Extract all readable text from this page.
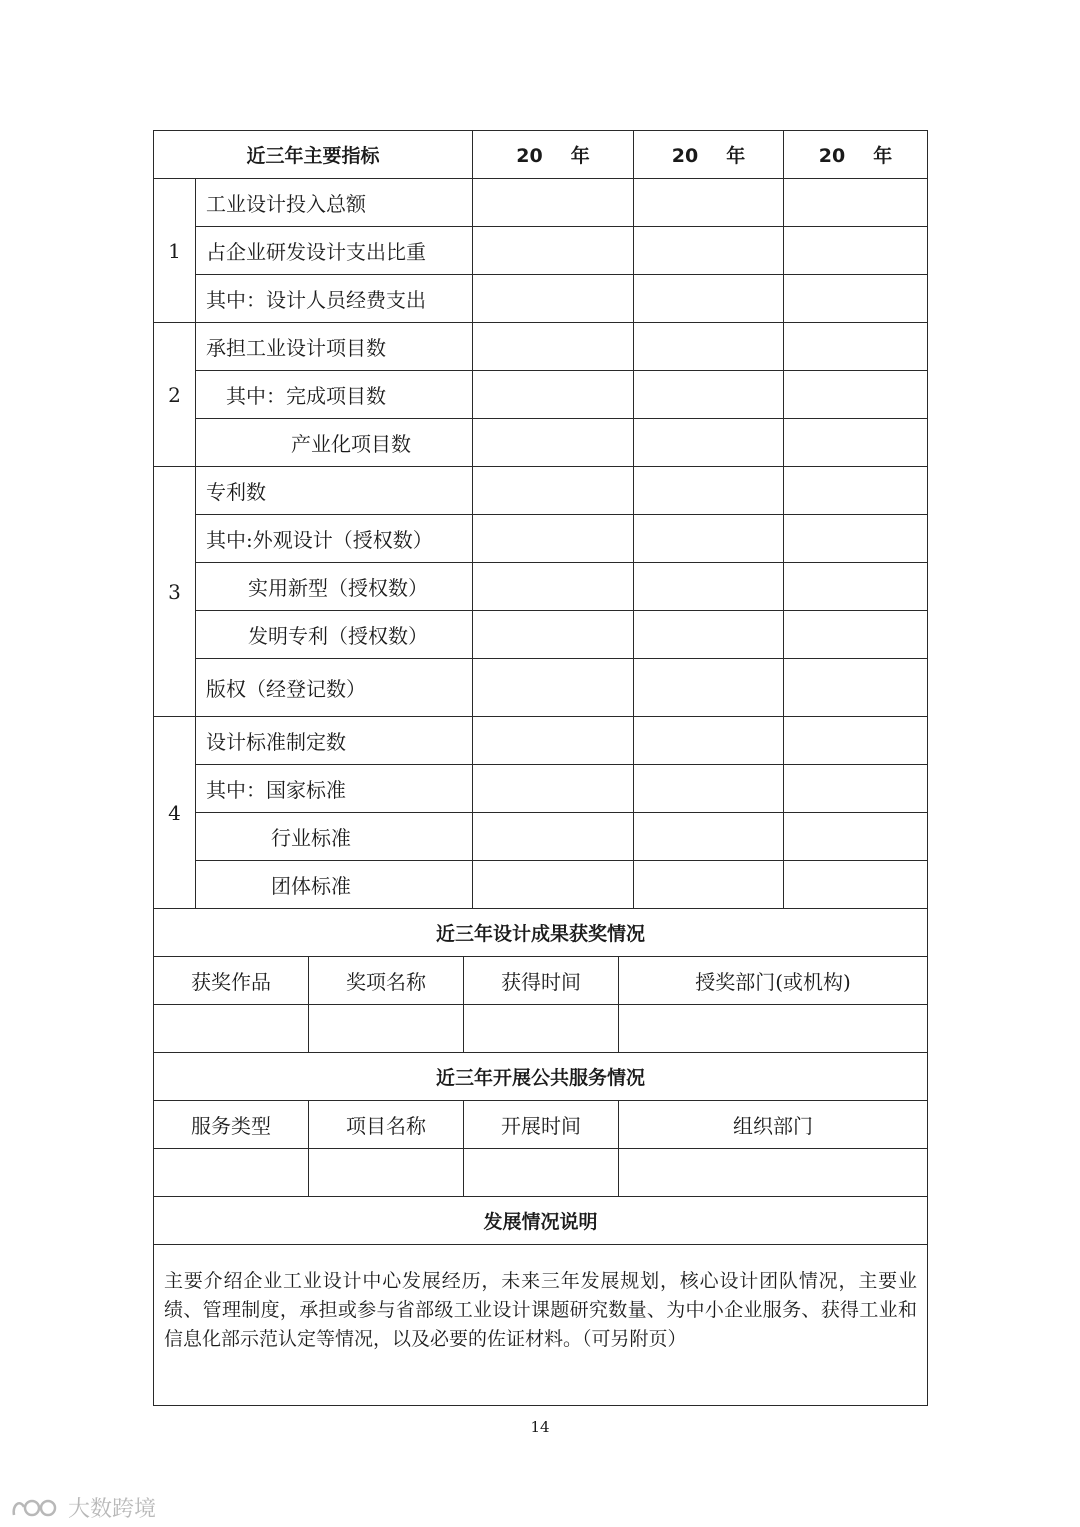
近三年主要指标		20 年	20 年	20 年
1	工业设计投入总额			
	占企业研发设计支出比重			
	其中：设计人员经费支出			
2	承担工业设计项目数			
	其中：完成项目数			
	产业化项目数			
3	专利数			
	其中:外观设计（授权数）			
	实用新型（授权数）			
	发明专利（授权数）			
	版权（经登记数）			
4	设计标准制定数			
	其中：国家标准			
	行业标准			
	团体标准			
近三年设计成果获奖情况			
获奖作品	奖项名称	获得时间	授奖部门(或机构)

近三年开展公共服务情况			
服务类型	项目名称	开展时间	组织部门

发展情况说明			
主要介绍企业工业设计中心发展经历，未来三年发展规划，核心设计团队情况，主要业绩、管理制度，承担或参与省部级工业设计课题研究数量、为中小企业服务、获得工业和信息化部示范认定等情况，以及必要的佐证材料。（可另附页）			
14
大数跨境
